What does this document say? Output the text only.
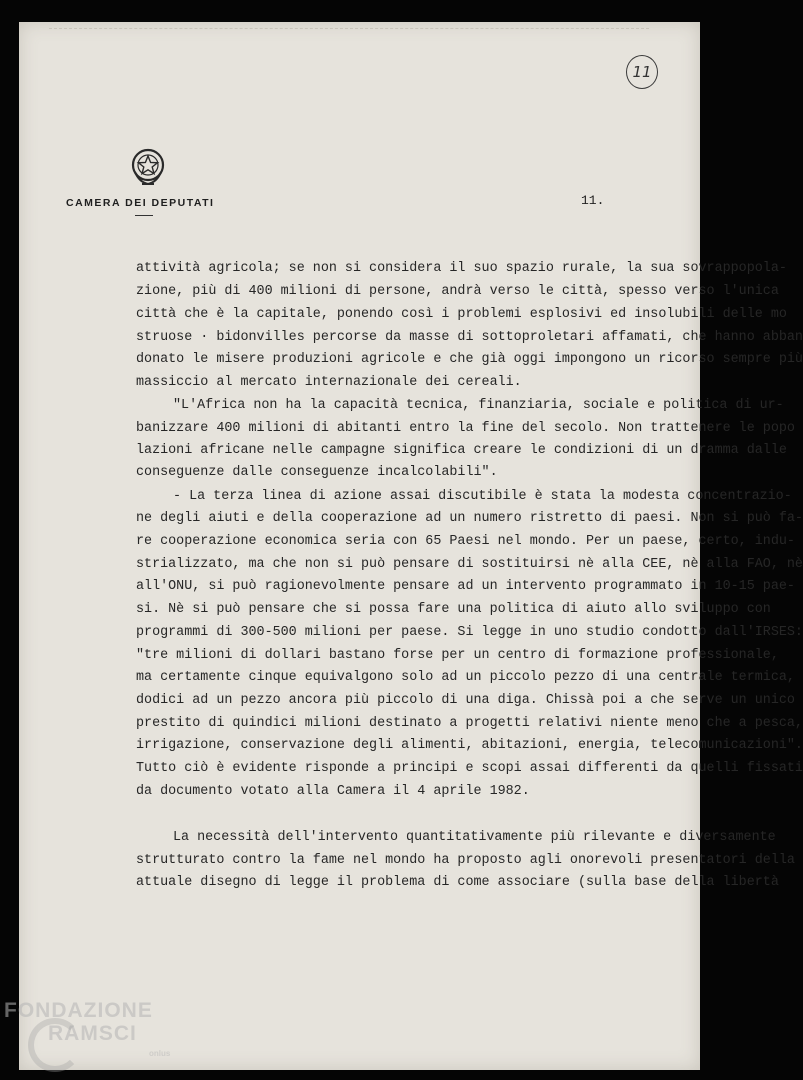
11
CAMERA DEI DEPUTATI	11.
attività agricola; se non si considera il suo spazio rurale, la sua sovrappopola-
zione, più di 400 milioni di persone, andrà verso le città, spesso verso l'unica
città che è la capitale, ponendo così i problemi esplosivi ed insolubili delle mo
struose · bidonvilles percorse da masse di sottoproletari affamati, che hanno abban
donato le misere produzioni agricole e che già oggi impongono un ricorso sempre più
massiccio al mercato internazionale dei cereali.
"L'Africa non ha la capacità tecnica, finanziaria, sociale e politica di ur-
banizzare 400 milioni di abitanti entro la fine del secolo. Non trattenere le popo
lazioni africane nelle campagne significa creare le condizioni di un dramma dalle
conseguenze dalle conseguenze incalcolabili".
- La terza linea di azione assai discutibile è stata la modesta concentrazio-
ne degli aiuti e della cooperazione ad un numero ristretto di paesi. Non si può fa-
re cooperazione economica seria con 65 Paesi nel mondo. Per un paese, certo, indu-
strializzato, ma che non si può pensare di sostituirsi nè alla CEE, nè alla FAO, nè
all'ONU, si può ragionevolmente pensare ad un intervento programmato in 10-15 pae-
si. Nè si può pensare che si possa fare una politica di aiuto allo sviluppo con
programmi di 300-500 milioni per paese. Si legge in uno studio condotto dall'IRSES:
"tre milioni di dollari bastano forse per un centro di formazione professionale,
ma certamente cinque equivalgono solo ad un piccolo pezzo di una centrale termica,
dodici ad un pezzo ancora più piccolo di una diga. Chissà poi a che serve un unico
prestito di quindici milioni destinato a progetti relativi niente meno che a pesca,
irrigazione, conservazione degli alimenti, abitazioni, energia, telecomunicazioni".
Tutto ciò è evidente risponde a principi e scopi assai differenti da quelli fissati
da documento votato alla Camera il 4 aprile 1982.
La necessità dell'intervento quantitativamente più rilevante e diversamente
strutturato contro la fame nel mondo ha proposto agli onorevoli presentatori della
attuale disegno di legge il problema di come associare (sulla base della libertà
FONDAZIONE
RAMSCI
onlus
